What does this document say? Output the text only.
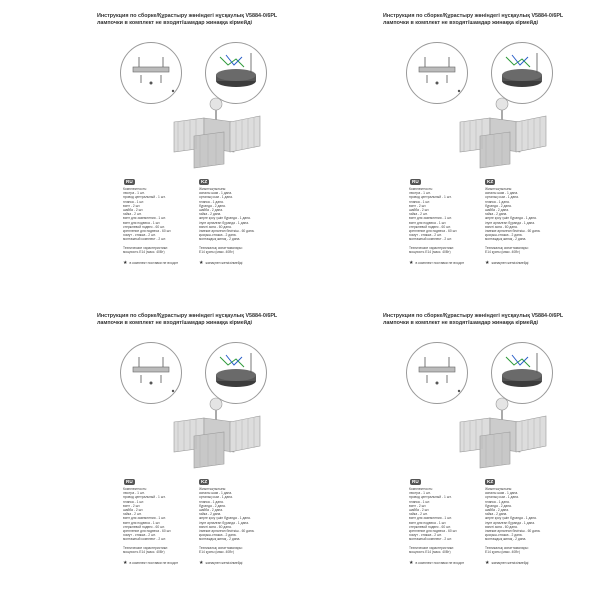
Инструкция по сборке/Құрастыру жөніндегі нұсқаулық V5884-0/6PL
лампочки в комплект не входят/шамдар жинаққа кірмейді
RU	KZ
Комплектность:
люстра - 1 шт.
провод центральный - 1 шт.
планка - 1 шт.
винт - 2 шт.
шайба - 2 шт.
гайка - 2 шт.
винт для заземления - 1 шт.
винт для подвеса - 1 шт.
стержневой подвес - 60 шт.
крепление для подвеса - 60 шт.
хомут - стяжка - 2 шт.
монтажный комплект - 2 шт.

Технические характеристики:
мощность E14 (макс. 40Вт)
Жиынтықтылығы:
аспалы шам - 1 дана.
орталық сым - 1 дана.
планка - 1 дана.
бұранда - 2 дана.
шайба - 2 дана.
гайка - 2 дана.
жерге қосу үшін бұранда - 1 дана.
ілуге арналған бұранда - 1 дана.
өзекті аспа - 60 дана.
ілмекке арналған бекіткіш - 60 дана.
қысқыш-стяжка - 2 дана.
монтаждық жинақ - 2 дана.

Техникалық сипаттамалары:
E14 қуаты (макс. 40Вт)
★ в комплект поставки не входит	★ жинақпен жеткізілмейді
Инструкция по сборке/Құрастыру жөніндегі нұсқаулық V5884-0/6PL
лампочки в комплект не входят/шамдар жинаққа кірмейді
RU	KZ
Комплектность:
люстра - 1 шт.
провод центральный - 1 шт.
планка - 1 шт.
винт - 2 шт.
шайба - 2 шт.
гайка - 2 шт.
винт для заземления - 1 шт.
винт для подвеса - 1 шт.
стержневой подвес - 60 шт.
крепление для подвеса - 60 шт.
хомут - стяжка - 2 шт.
монтажный комплект - 2 шт.

Технические характеристики:
мощность E14 (макс. 40Вт)
Жиынтықтылығы:
аспалы шам - 1 дана.
орталық сым - 1 дана.
планка - 1 дана.
бұранда - 2 дана.
шайба - 2 дана.
гайка - 2 дана.
жерге қосу үшін бұранда - 1 дана.
ілуге арналған бұранда - 1 дана.
өзекті аспа - 60 дана.
ілмекке арналған бекіткіш - 60 дана.
қысқыш-стяжка - 2 дана.
монтаждық жинақ - 2 дана.

Техникалық сипаттамалары:
E14 қуаты (макс. 40Вт)
★ в комплект поставки не входит	★ жинақпен жеткізілмейді
Инструкция по сборке/Құрастыру жөніндегі нұсқаулық V5884-0/6PL
лампочки в комплект не входят/шамдар жинаққа кірмейді
RU	KZ
Комплектность:
люстра - 1 шт.
провод центральный - 1 шт.
планка - 1 шт.
винт - 2 шт.
шайба - 2 шт.
гайка - 2 шт.
винт для заземления - 1 шт.
винт для подвеса - 1 шт.
стержневой подвес - 60 шт.
крепление для подвеса - 60 шт.
хомут - стяжка - 2 шт.
монтажный комплект - 2 шт.

Технические характеристики:
мощность E14 (макс. 40Вт)
Жиынтықтылығы:
аспалы шам - 1 дана.
орталық сым - 1 дана.
планка - 1 дана.
бұранда - 2 дана.
шайба - 2 дана.
гайка - 2 дана.
жерге қосу үшін бұранда - 1 дана.
ілуге арналған бұранда - 1 дана.
өзекті аспа - 60 дана.
ілмекке арналған бекіткіш - 60 дана.
қысқыш-стяжка - 2 дана.
монтаждық жинақ - 2 дана.

Техникалық сипаттамалары:
E14 қуаты (макс. 40Вт)
★ в комплект поставки не входит	★ жинақпен жеткізілмейді
Инструкция по сборке/Құрастыру жөніндегі нұсқаулық V5884-0/6PL
лампочки в комплект не входят/шамдар жинаққа кірмейді
RU	KZ
Комплектность:
люстра - 1 шт.
провод центральный - 1 шт.
планка - 1 шт.
винт - 2 шт.
шайба - 2 шт.
гайка - 2 шт.
винт для заземления - 1 шт.
винт для подвеса - 1 шт.
стержневой подвес - 60 шт.
крепление для подвеса - 60 шт.
хомут - стяжка - 2 шт.
монтажный комплект - 2 шт.

Технические характеристики:
мощность E14 (макс. 40Вт)
Жиынтықтылығы:
аспалы шам - 1 дана.
орталық сым - 1 дана.
планка - 1 дана.
бұранда - 2 дана.
шайба - 2 дана.
гайка - 2 дана.
жерге қосу үшін бұранда - 1 дана.
ілуге арналған бұранда - 1 дана.
өзекті аспа - 60 дана.
ілмекке арналған бекіткіш - 60 дана.
қысқыш-стяжка - 2 дана.
монтаждық жинақ - 2 дана.

Техникалық сипаттамалары:
E14 қуаты (макс. 40Вт)
★ в комплект поставки не входит	★ жинақпен жеткізілмейді
